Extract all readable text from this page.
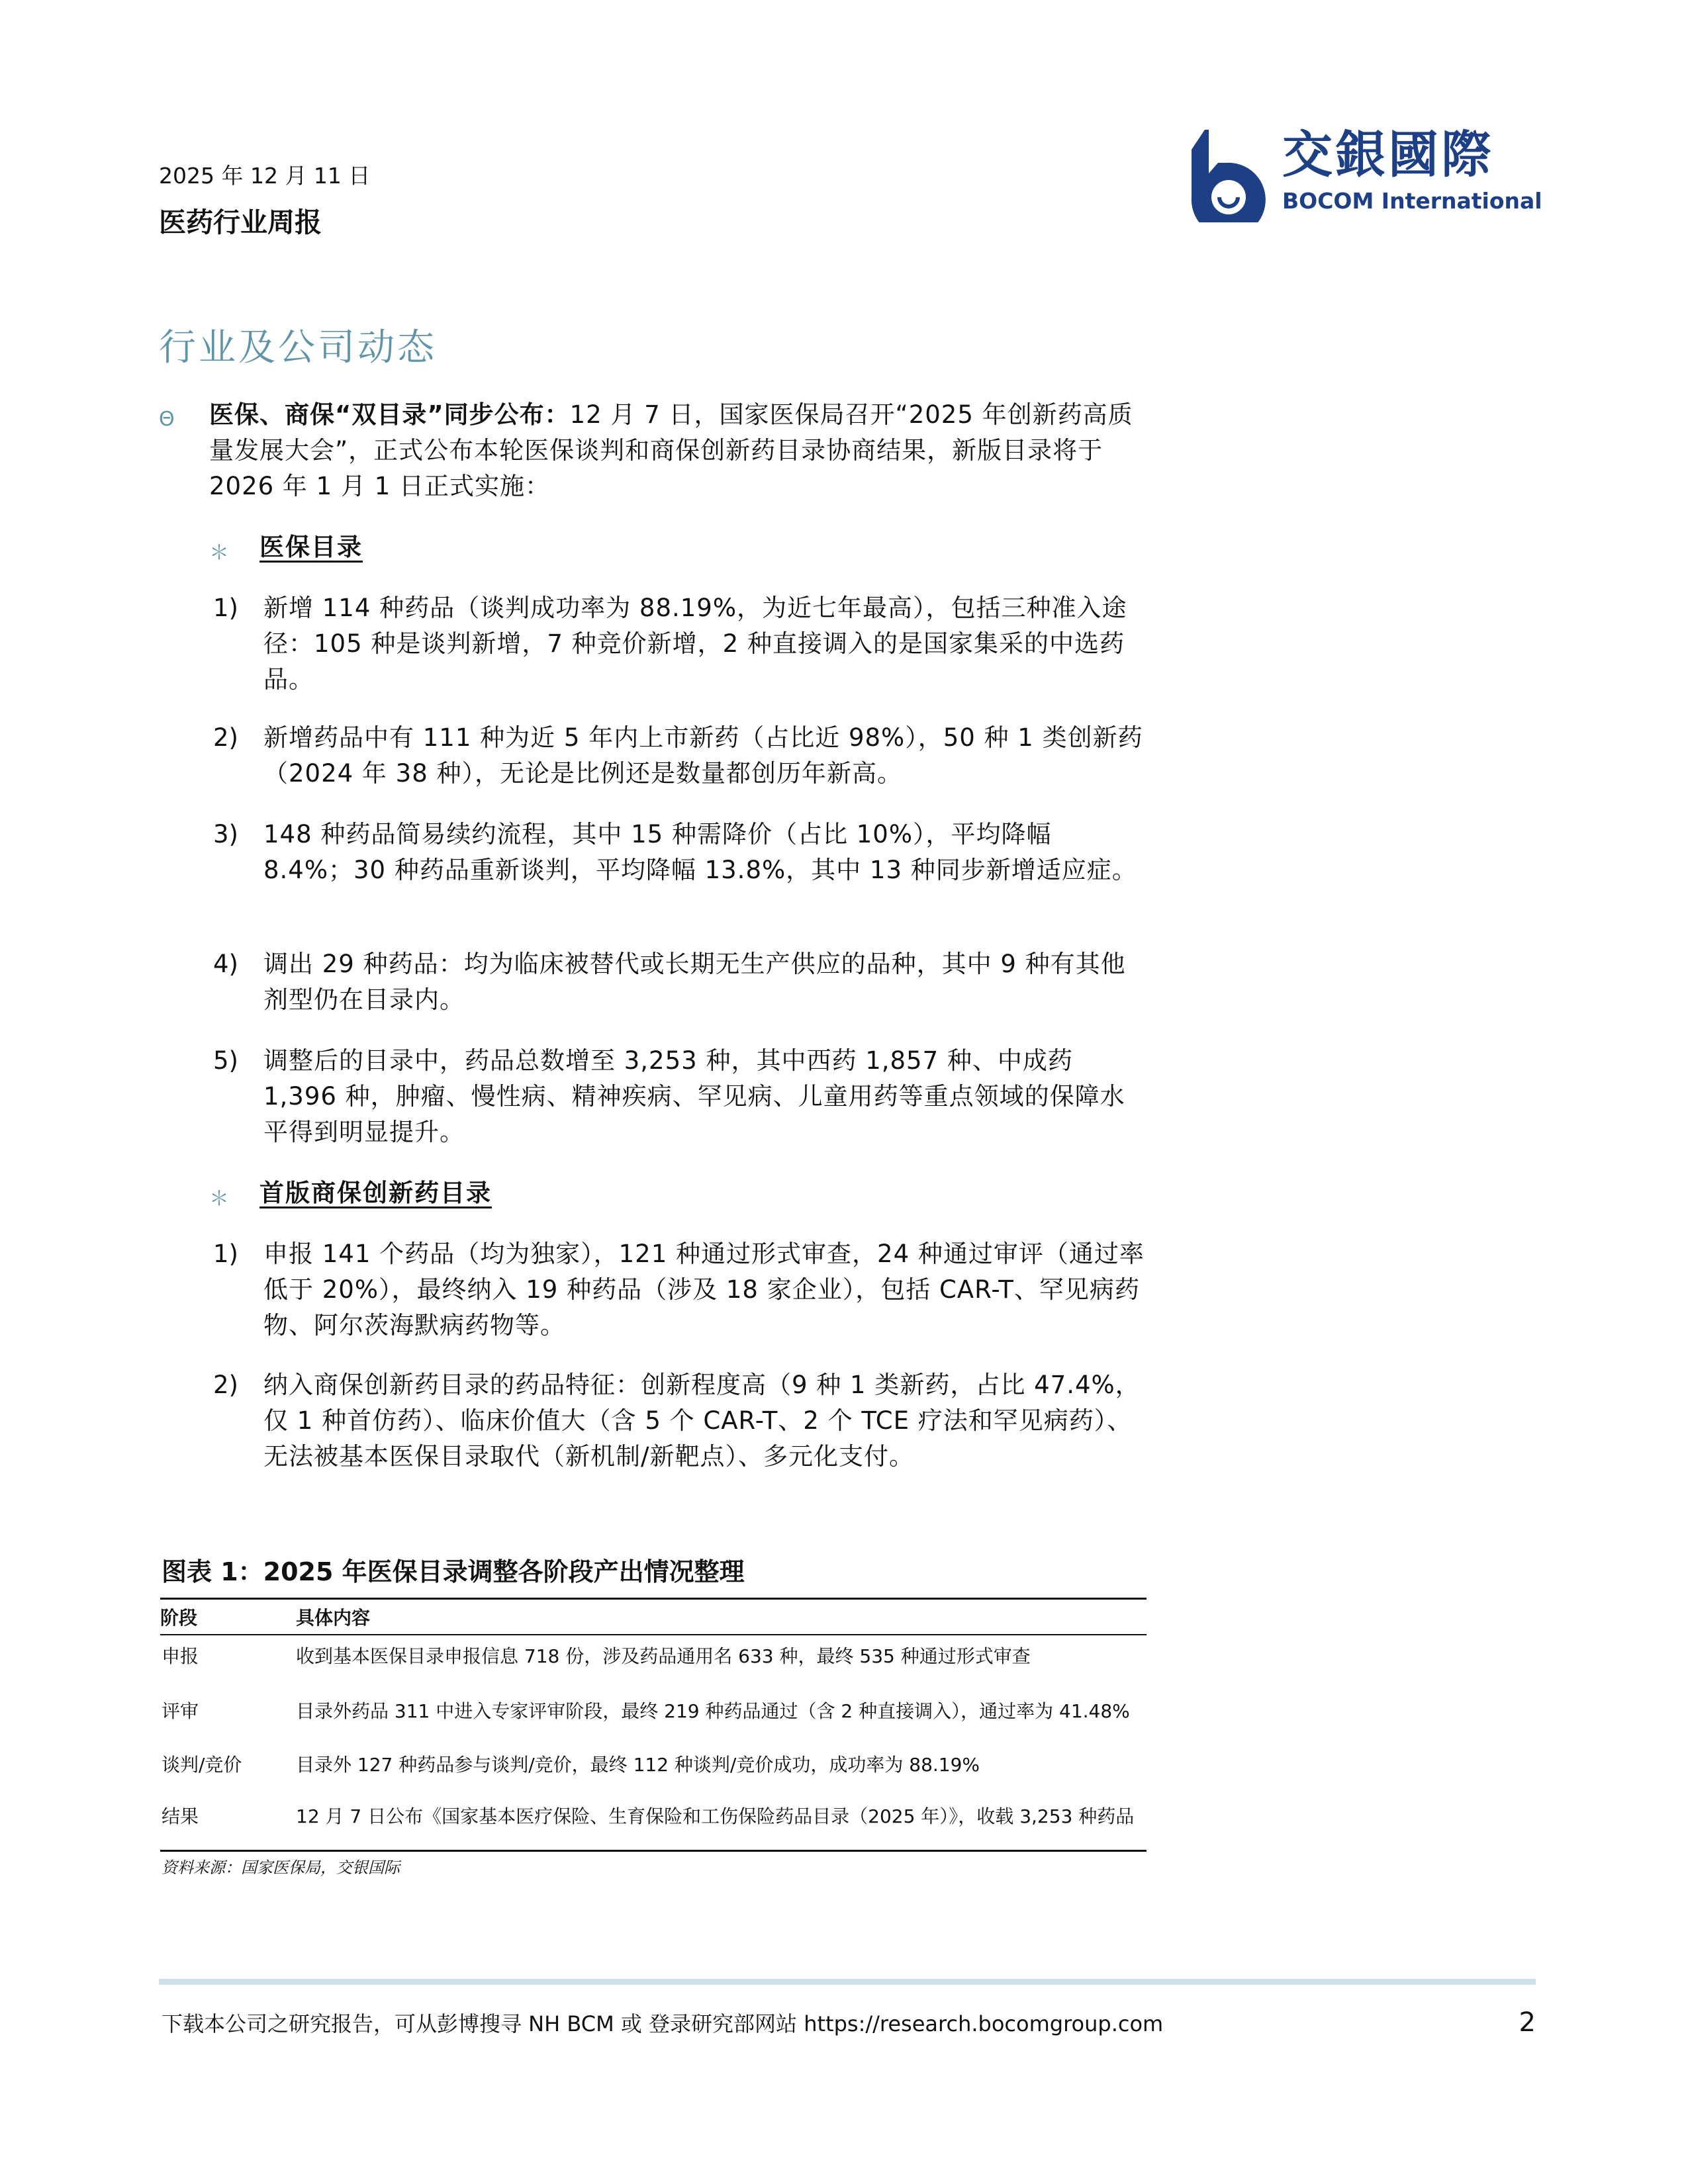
2025 年 12 月 11 日
医药行业周报
交銀國際
BOCOM International
行业及公司动态
Θ 医保、商保“双目录”同步公布：12 月 7 日，国家医保局召开“2025 年创新药高质量发展大会”，正式公布本轮医保谈判和商保创新药目录协商结果，新版目录将于 2026 年 1 月 1 日正式实施：
＊ 医保目录
1) 新增 114 种药品（谈判成功率为 88.19%，为近七年最高），包括三种准入途径：105 种是谈判新增，7 种竞价新增，2 种直接调入的是国家集采的中选药品。
2) 新增药品中有 111 种为近 5 年内上市新药（占比近 98%），50 种 1 类创新药（2024 年 38 种），无论是比例还是数量都创历年新高。
3) 148 种药品简易续约流程，其中 15 种需降价（占比 10%），平均降幅 8.4%；30 种药品重新谈判，平均降幅 13.8%，其中 13 种同步新增适应症。
4) 调出 29 种药品：均为临床被替代或长期无生产供应的品种，其中 9 种有其他剂型仍在目录内。
5) 调整后的目录中，药品总数增至 3,253 种，其中西药 1,857 种、中成药 1,396 种，肿瘤、慢性病、精神疾病、罕见病、儿童用药等重点领域的保障水平得到明显提升。
＊ 首版商保创新药目录
1) 申报 141 个药品（均为独家），121 种通过形式审查，24 种通过审评（通过率低于 20%），最终纳入 19 种药品（涉及 18 家企业），包括 CAR-T、罕见病药物、阿尔茨海默病药物等。
2) 纳入商保创新药目录的药品特征：创新程度高（9 种 1 类新药，占比 47.4%，仅 1 种首仿药）、临床价值大（含 5 个 CAR-T、2 个 TCE 疗法和罕见病药）、无法被基本医保目录取代（新机制/新靶点）、多元化支付。
图表 1：2025 年医保目录调整各阶段产出情况整理
阶段	具体内容
申报	收到基本医保目录申报信息 718 份，涉及药品通用名 633 种，最终 535 种通过形式审查
评审	目录外药品 311 中进入专家评审阶段，最终 219 种药品通过（含 2 种直接调入），通过率为 41.48%
谈判/竞价	目录外 127 种药品参与谈判/竞价，最终 112 种谈判/竞价成功，成功率为 88.19%
结果	12 月 7 日公布《国家基本医疗保险、生育保险和工伤保险药品目录（2025 年）》，收载 3,253 种药品
资料来源：国家医保局，交银国际
下载本公司之研究报告，可从彭博搜寻 NH BCM 或 登录研究部网站 https://research.bocomgroup.com	2
